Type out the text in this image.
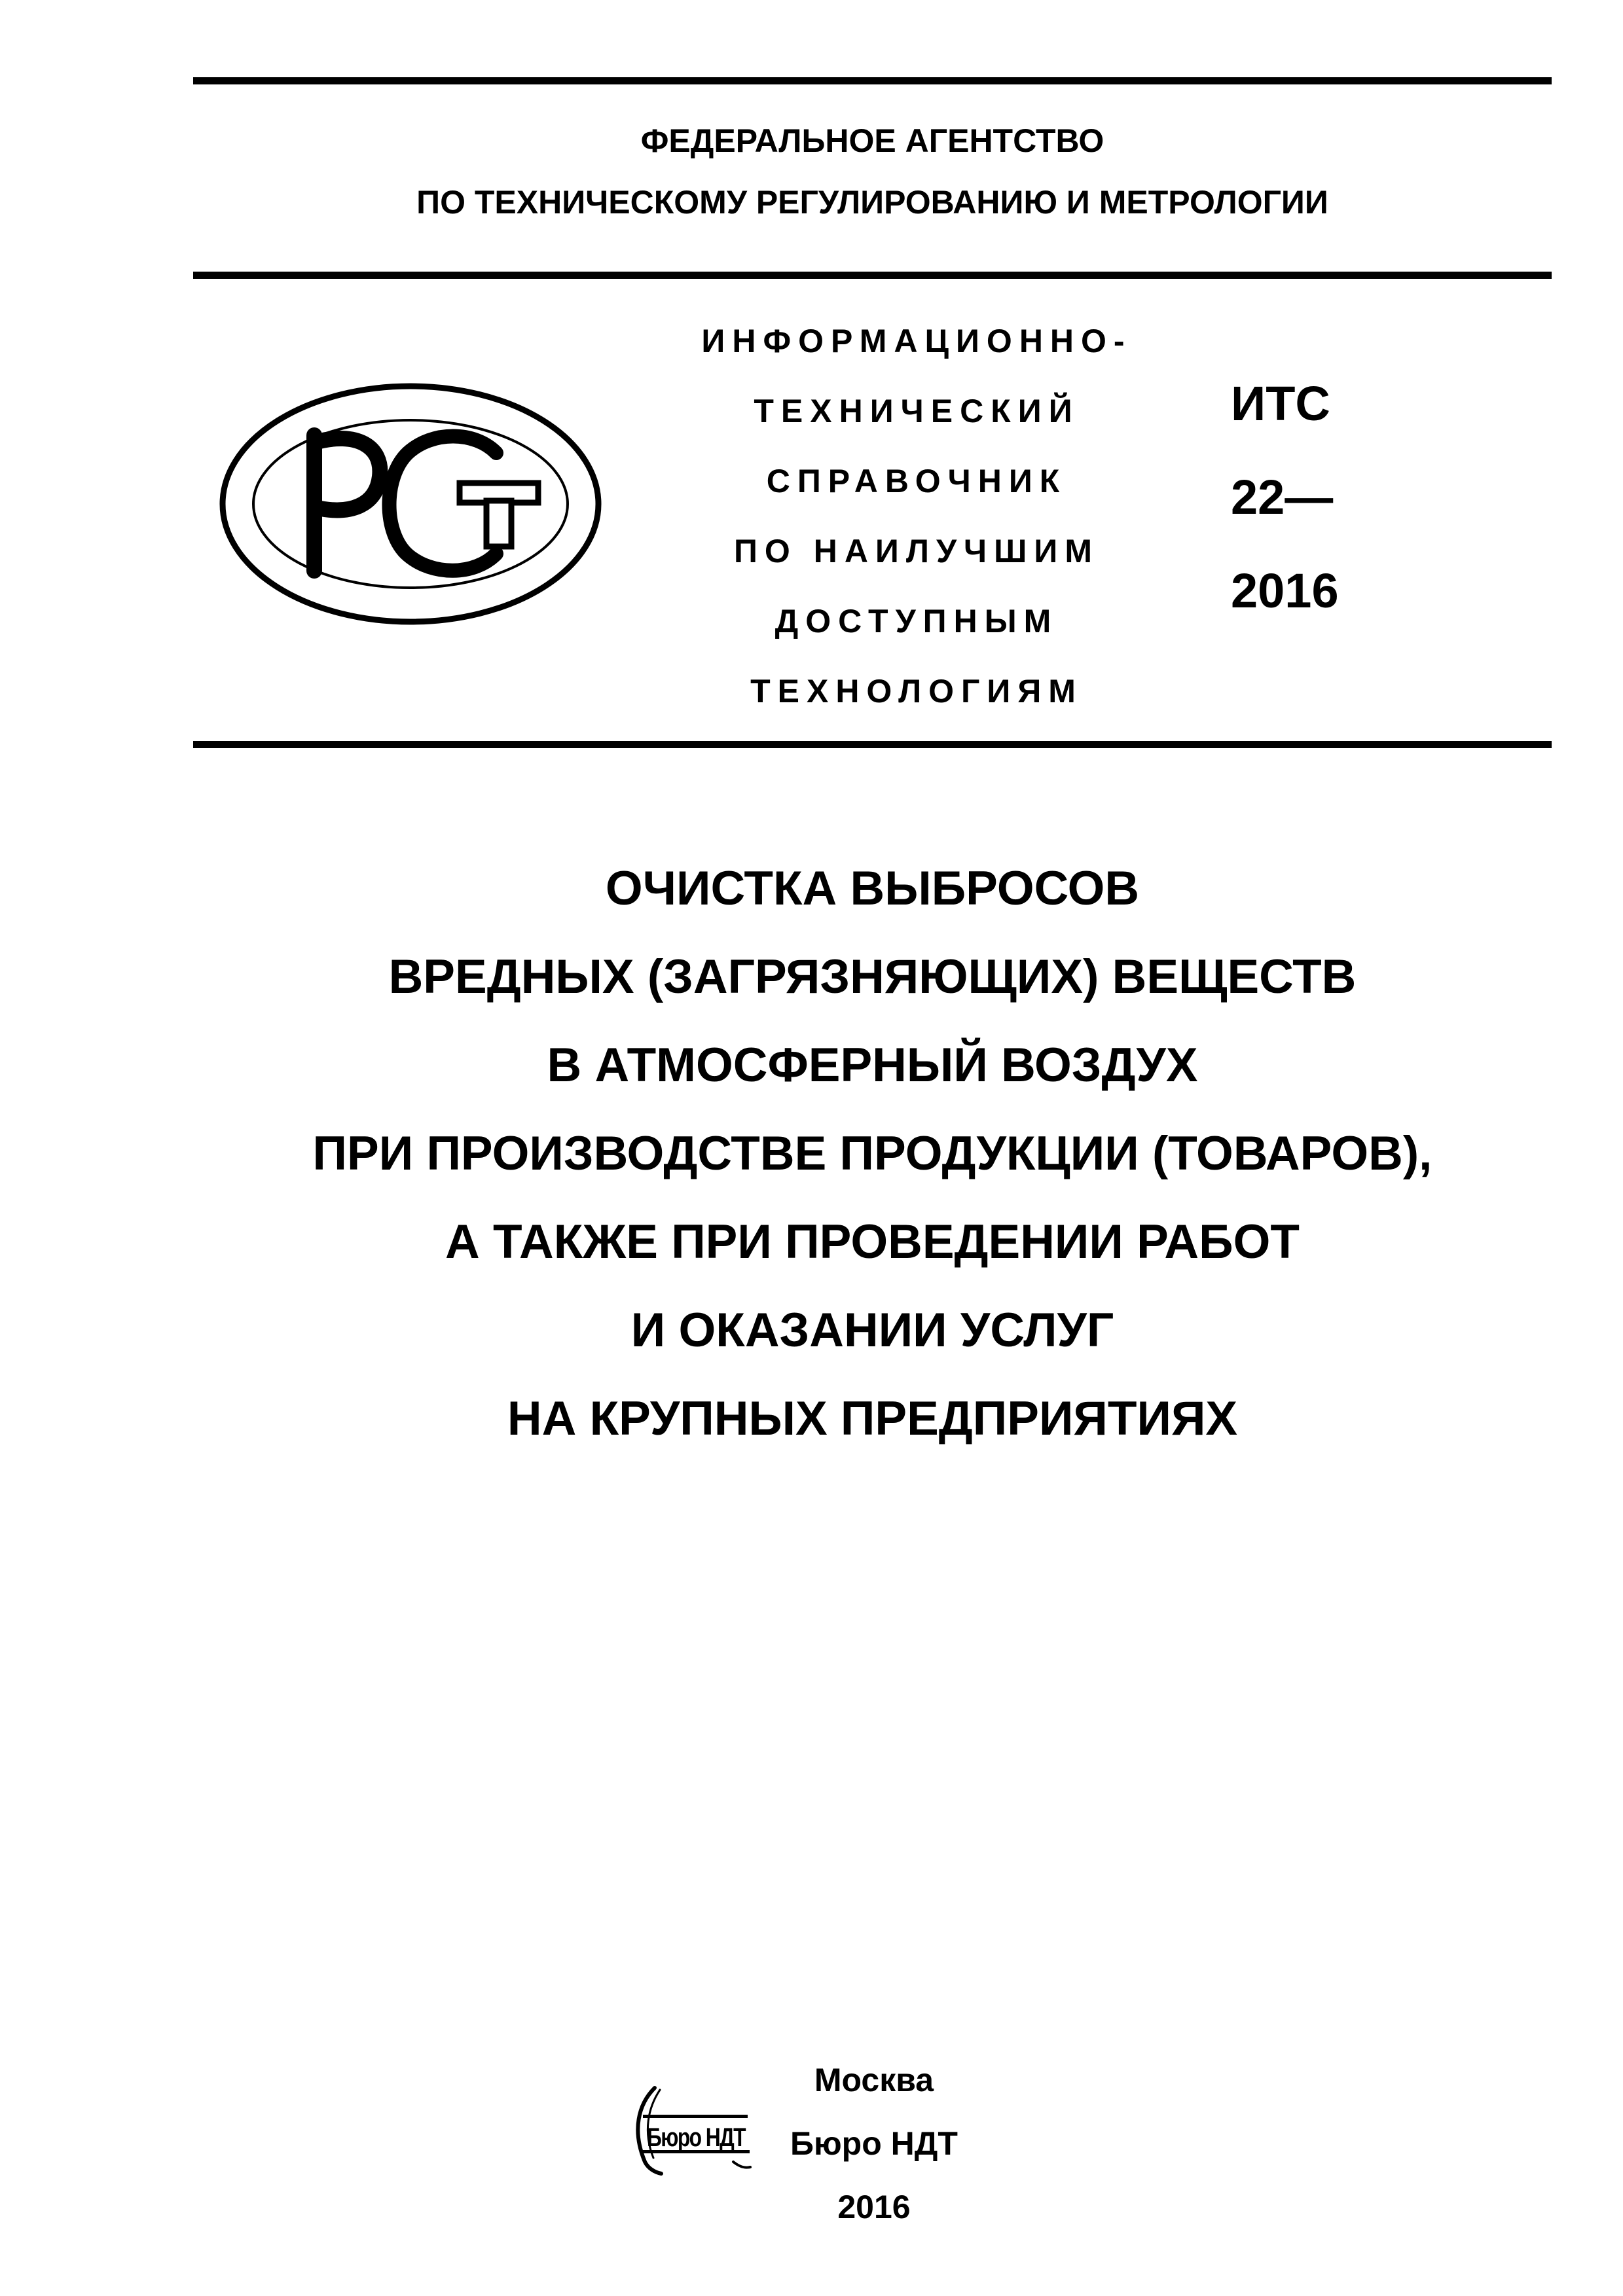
ФЕДЕРАЛЬНОЕ АГЕНТСТВО
ПО ТЕХНИЧЕСКОМУ РЕГУЛИРОВАНИЮ И МЕТРОЛОГИИ
РСТ
ИНФОРМАЦИОННО-
ТЕХНИЧЕСКИЙ
СПРАВОЧНИК
ПО НАИЛУЧШИМ
ДОСТУПНЫМ
ТЕХНОЛОГИЯМ
ИТС
22—
2016
ОЧИСТКА ВЫБРОСОВ
ВРЕДНЫХ (ЗАГРЯЗНЯЮЩИХ) ВЕЩЕСТВ
В АТМОСФЕРНЫЙ ВОЗДУХ
ПРИ ПРОИЗВОДСТВЕ ПРОДУКЦИИ (ТОВАРОВ),
А ТАКЖЕ ПРИ ПРОВЕДЕНИИ РАБОТ
И ОКАЗАНИИ УСЛУГ
НА КРУПНЫХ ПРЕДПРИЯТИЯХ
Бюро НДТ
Москва
Бюро НДТ
2016
